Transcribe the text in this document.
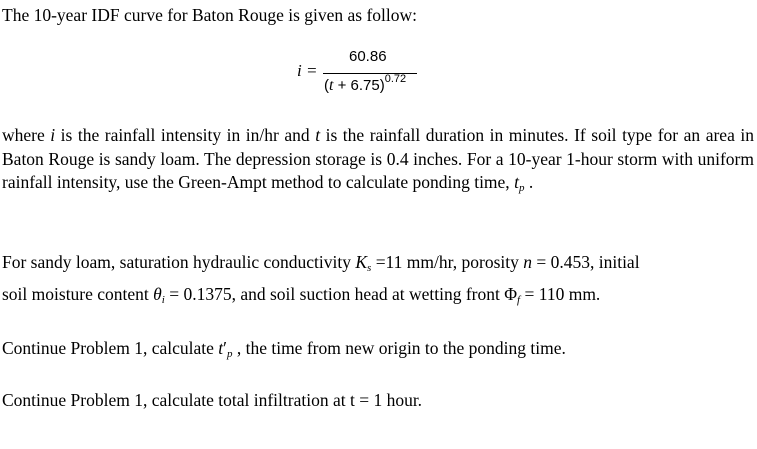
The 10-year IDF curve for Baton Rouge is given as follow:
i =
60.86
$(t + 6.75)^{0.72}$
where i is the rainfall intensity in in/hr and t is the rainfall duration in minutes. If soil type for an area in Baton Rouge is sandy loam. The depression storage is 0.4 inches. For a 10-year 1-hour storm with uniform rainfall intensity, use the Green-Ampt method to calculate ponding time, $t_p$ .
For sandy loam, saturation hydraulic conductivity $K_s =11$ mm/hr, porosity n = 0.453, initial
soil moisture content $\theta_i = 0.1375$, and soil suction head at wetting front $\Phi_f = 110$ mm.
Continue Problem 1, calculate $t'_p$ , the time from new origin to the ponding time.
Continue Problem 1, calculate total infiltration at t = 1 hour.
